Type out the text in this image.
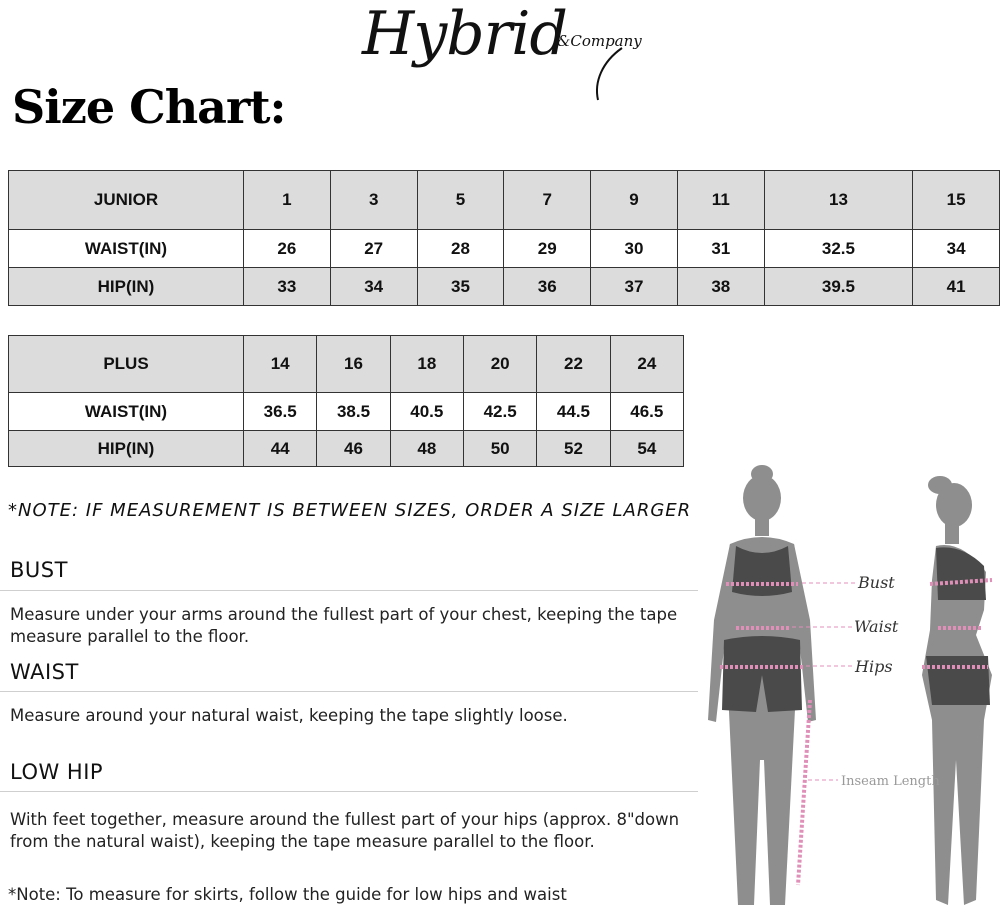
Hybrid
&Company
Size Chart:
JUNIOR	1	3	5	7	9	11	13	15
WAIST(IN)	26	27	28	29	30	31	32.5	34
HIP(IN)	33	34	35	36	37	38	39.5	41
PLUS	14	16	18	20	22	24
WAIST(IN)	36.5	38.5	40.5	42.5	44.5	46.5
HIP(IN)	44	46	48	50	52	54
*NOTE: IF MEASUREMENT IS BETWEEN SIZES, ORDER A SIZE LARGER
BUST
Measure under your arms around the fullest part of your chest, keeping the tape measure parallel to the floor.
WAIST
Measure around your natural waist, keeping the tape slightly loose.
LOW HIP
With feet together, measure around the fullest part of your hips (approx. 8"down from the natural waist), keeping the tape measure parallel to the floor.
*Note: To measure for skirts, follow the guide for low hips and waist
Bust
Waist
Hips
Inseam Length
